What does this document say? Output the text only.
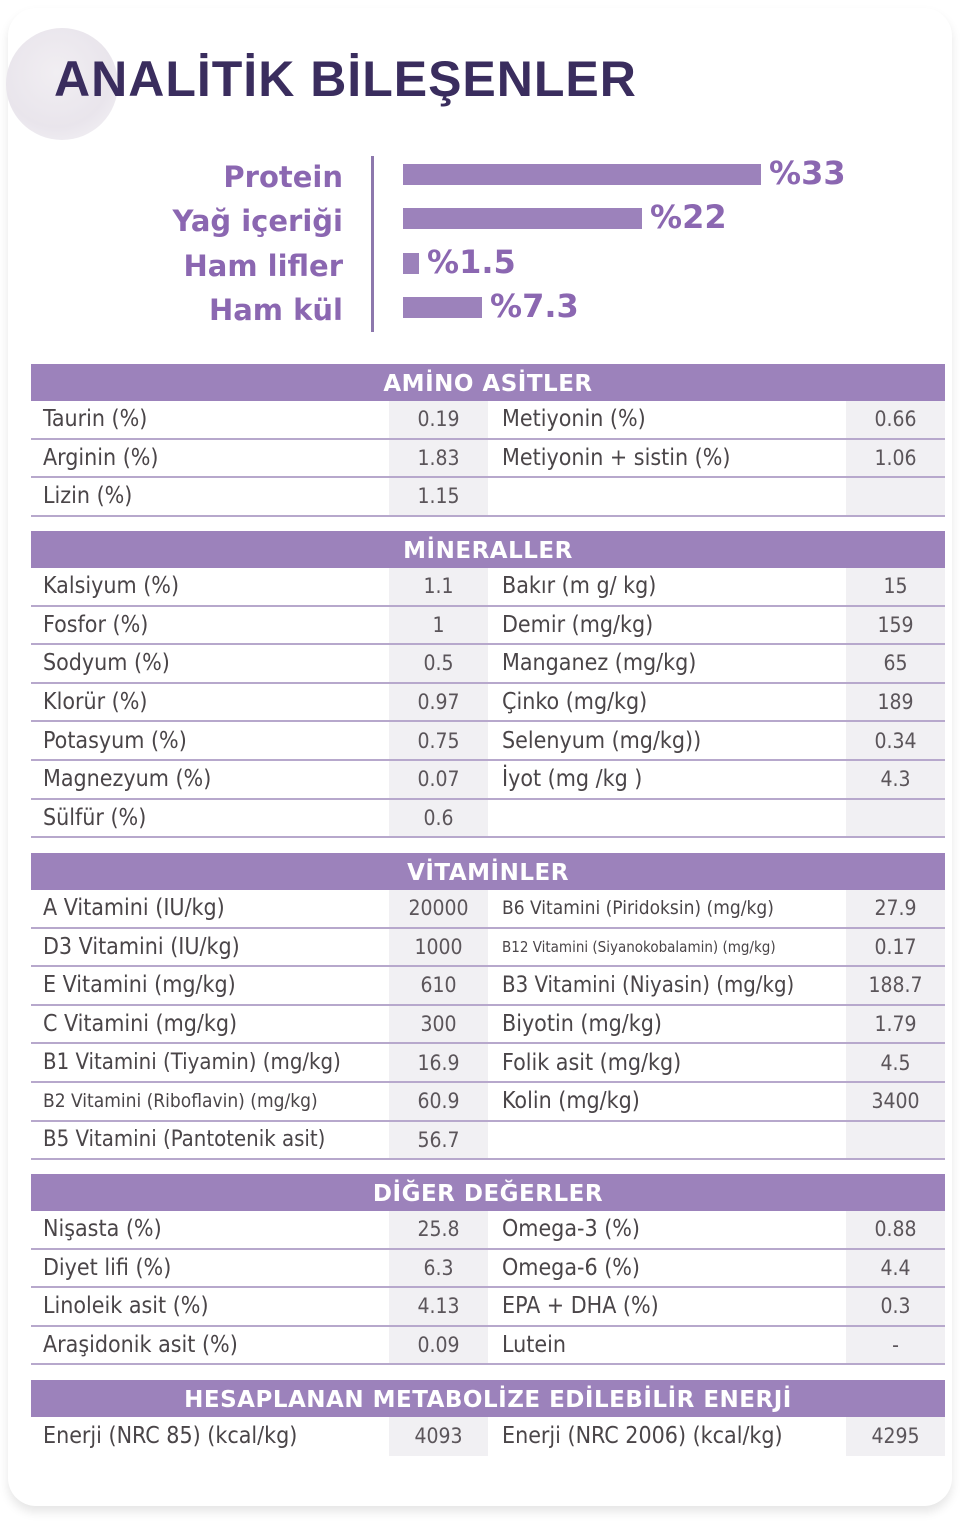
ANALİTİK BİLEŞENLER
Protein	%33
Yağ içeriği	%22
Ham lifler	%1.5
Ham kül	%7.3
AMİNO ASİTLER
Taurin (%)	0.19	Metiyonin (%)	0.66
Arginin (%)	1.83	Metiyonin + sistin (%)	1.06
Lizin (%)	1.15
MİNERALLER
Kalsiyum (%)	1.1	Bakır (m g/ kg)	15
Fosfor (%)	1	Demir (mg/kg)	159
Sodyum (%)	0.5	Manganez (mg/kg)	65
Klorür (%)	0.97	Çinko (mg/kg)	189
Potasyum (%)	0.75	Selenyum (mg/kg))	0.34
Magnezyum (%)	0.07	İyot (mg /kg )	4.3
Sülfür (%)	0.6
VİTAMİNLER
A Vitamini (IU/kg)	20000	B6 Vitamini (Piridoksin) (mg/kg)	27.9
D3 Vitamini (IU/kg)	1000	B12 Vitamini (Siyanokobalamin) (mg/kg)	0.17
E Vitamini (mg/kg)	610	B3 Vitamini (Niyasin) (mg/kg)	188.7
C Vitamini (mg/kg)	300	Biyotin (mg/kg)	1.79
B1 Vitamini (Tiyamin) (mg/kg)	16.9	Folik asit (mg/kg)	4.5
B2 Vitamini (Riboflavin) (mg/kg)	60.9	Kolin (mg/kg)	3400
B5 Vitamini (Pantotenik asit)	56.7
DİĞER DEĞERLER
Nişasta (%)	25.8	Omega-3 (%)	0.88
Diyet lifi (%)	6.3	Omega-6 (%)	4.4
Linoleik asit (%)	4.13	EPA + DHA (%)	0.3
Araşidonik asit (%)	0.09	Lutein	-
HESAPLANAN METABOLİZE EDİLEBİLİR ENERJİ
Enerji (NRC 85) (kcal/kg)	4093	Enerji (NRC 2006) (kcal/kg)	4295
